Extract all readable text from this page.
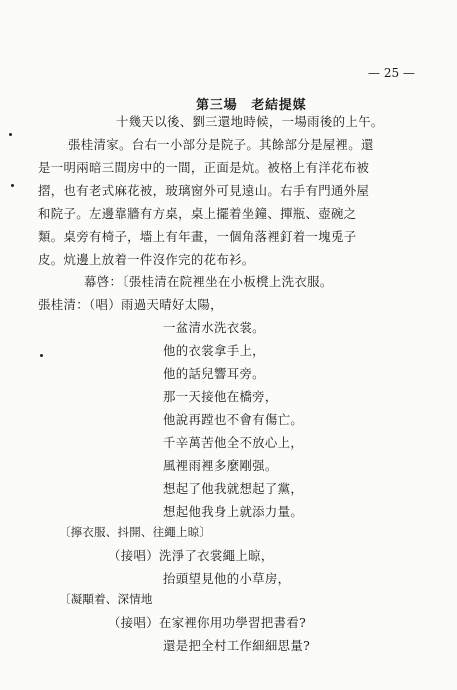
— 25 —
第三場　老結提媒
十幾天以後、劉三還地時候，一場雨後的上午。
張桂清家。台右一小部分是院子。其餘部分是屋裡。還
是一明兩暗三間房中的一間，正面是炕。被格上有洋花布被
摺，也有老式麻花被，玻璃窗外可見遠山。右手有門通外屋
和院子。左邊靠牆有方桌，桌上擺着坐鐘、撣瓶、壺碗之
類。桌旁有椅子，墻上有年畫，一個角落裡釘着一塊兎子
皮。炕邊上放着一件沒作完的花布衫。
幕啓：〔張桂清在院裡坐在小板櫈上洗衣服。
張桂清：（唱）雨過天晴好太陽，
一盆清水洗衣裳。
他的衣裳拿手上，
他的話兒響耳旁。
那一天接他在橋旁，
他說再蹚也不會有傷亡。
千辛萬苦他全不放心上，
風裡雨裡多麼剛强。
想起了他我就想起了黨，
想起他我身上就添力量。
〔擰衣服、抖開、往繩上晾〕
（接唱）洗淨了衣裳繩上晾，
抬頭望見他的小草房，
〔凝顒着、深情地
（接唱）在家裡你用功學習把書看?
還是把全村工作細細思量?
